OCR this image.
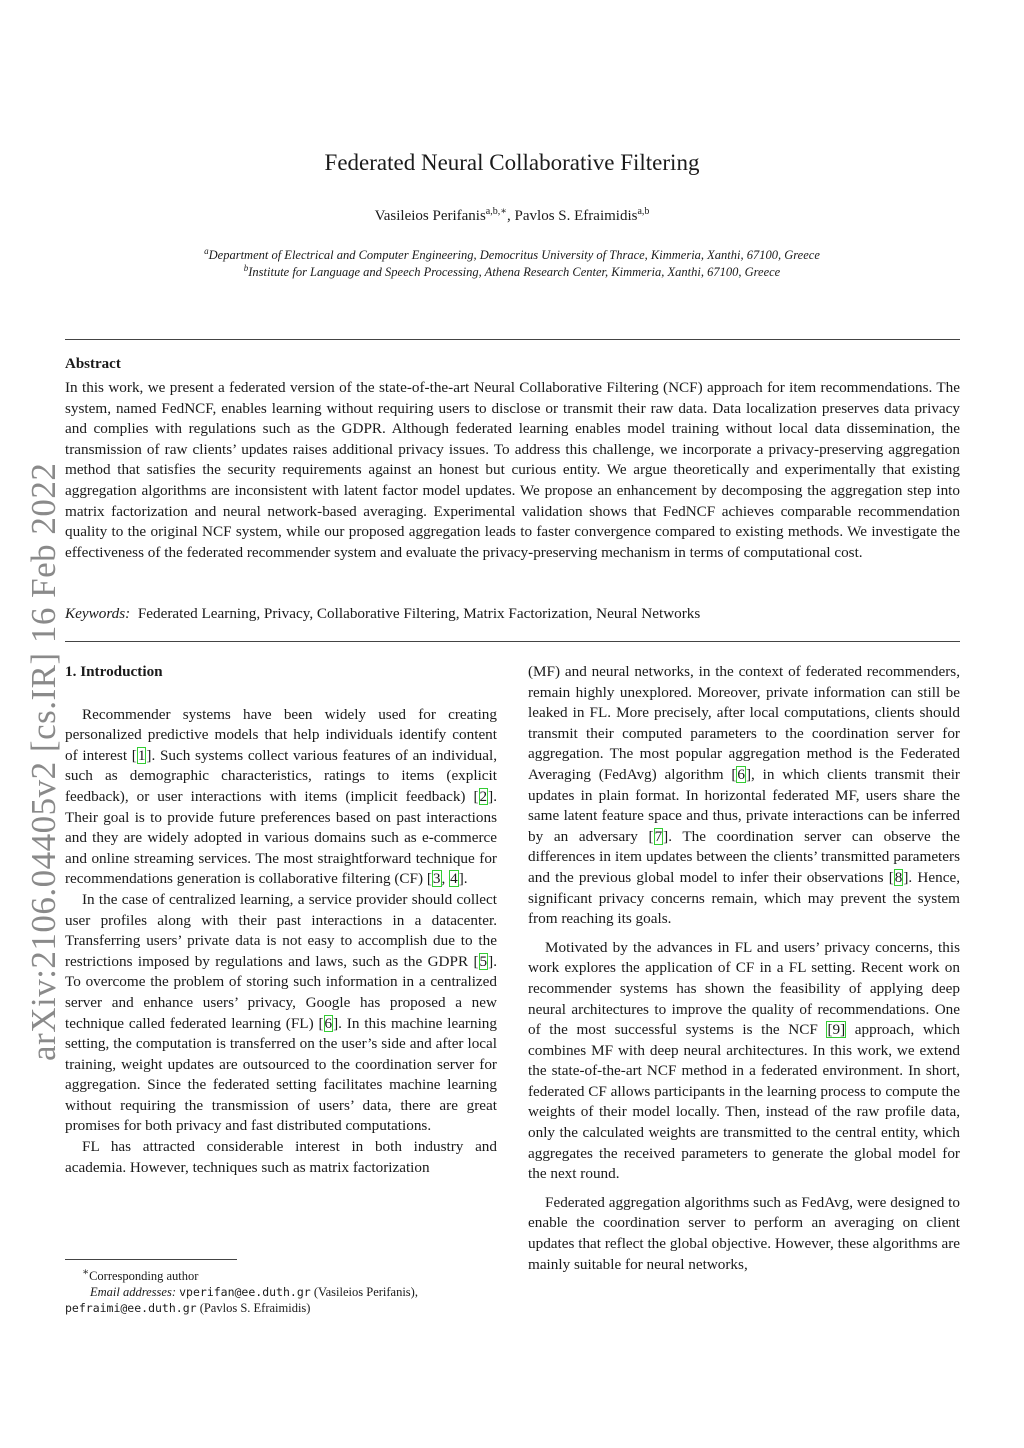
arXiv:2106.04405v2 [cs.IR] 16 Feb 2022
Federated Neural Collaborative Filtering
Vasileios Perifanis$^{a,b,∗}$, Pavlos S. Efraimidis$^{a,b}$
$^a$Department of Electrical and Computer Engineering, Democritus University of Thrace, Kimmeria, Xanthi, 67100, Greece
$^b$Institute for Language and Speech Processing, Athena Research Center, Kimmeria, Xanthi, 67100, Greece
Abstract
In this work, we present a federated version of the state-of-the-art Neural Collaborative Filtering (NCF) approach for item recommendations. The system, named FedNCF, enables learning without requiring users to disclose or transmit their raw data. Data localization preserves data privacy and complies with regulations such as the GDPR. Although federated learning enables model training without local data dissemination, the transmission of raw clients’ updates raises additional privacy issues. To address this challenge, we incorporate a privacy-preserving aggregation method that satisfies the security requirements against an honest but curious entity. We argue theoretically and experimentally that existing aggregation algorithms are inconsistent with latent factor model updates. We propose an enhancement by decomposing the aggregation step into matrix factorization and neural network-based averaging. Experimental validation shows that FedNCF achieves comparable recommendation quality to the original NCF system, while our proposed aggregation leads to faster convergence compared to existing methods. We investigate the effectiveness of the federated recommender system and evaluate the privacy-preserving mechanism in terms of computational cost.
Keywords: Federated Learning, Privacy, Collaborative Filtering, Matrix Factorization, Neural Networks
1. Introduction

Recommender systems have been widely used for creating personalized predictive models that help individuals identify content of interest [1]. Such systems collect various features of an individual, such as demographic characteristics, ratings to items (explicit feedback), or user interactions with items (implicit feedback) [2]. Their goal is to provide future preferences based on past interactions and they are widely adopted in various domains such as e-commerce and online streaming services. The most straightforward technique for recommendations generation is collaborative filtering (CF) [3, 4].

In the case of centralized learning, a service provider should collect user profiles along with their past interactions in a datacenter. Transferring users’ private data is not easy to accomplish due to the restrictions imposed by regulations and laws, such as the GDPR [5]. To overcome the problem of storing such information in a centralized server and enhance users’ privacy, Google has proposed a new technique called federated learning (FL) [6]. In this machine learning setting, the computation is transferred on the user’s side and after local training, weight updates are outsourced to the coordination server for aggregation. Since the federated setting facilitates machine learning without requiring the transmission of users’ data, there are great promises for both privacy and fast distributed computations.

FL has attracted considerable interest in both industry and academia. However, techniques such as matrix factorization

(MF) and neural networks, in the context of federated recommenders, remain highly unexplored. Moreover, private information can still be leaked in FL. More precisely, after local computations, clients should transmit their computed parameters to the coordination server for aggregation. The most popular aggregation method is the Federated Averaging (FedAvg) algorithm [6], in which clients transmit their updates in plain format. In horizontal federated MF, users share the same latent feature space and thus, private interactions can be inferred by an adversary [7]. The coordination server can observe the differences in item updates between the clients’ transmitted parameters and the previous global model to infer their observations [8]. Hence, significant privacy concerns remain, which may prevent the system from reaching its goals.

Motivated by the advances in FL and users’ privacy concerns, this work explores the application of CF in a FL setting. Recent work on recommender systems has shown the feasibility of applying deep neural architectures to improve the quality of recommendations. One of the most successful systems is the NCF [9] approach, which combines MF with deep neural architectures. In this work, we extend the state-of-the-art NCF method in a federated environment. In short, federated CF allows participants in the learning process to compute the weights of their model locally. Then, instead of the raw profile data, only the calculated weights are transmitted to the central entity, which aggregates the received parameters to generate the global model for the next round.

Federated aggregation algorithms such as FedAvg, were designed to enable the coordination server to perform an averaging on client updates that reflect the global objective. However, these algorithms are mainly suitable for neural networks,

∗Corresponding author
Email addresses: vperifan@ee.duth.gr (Vasileios Perifanis),
pefraimi@ee.duth.gr (Pavlos S. Efraimidis)
